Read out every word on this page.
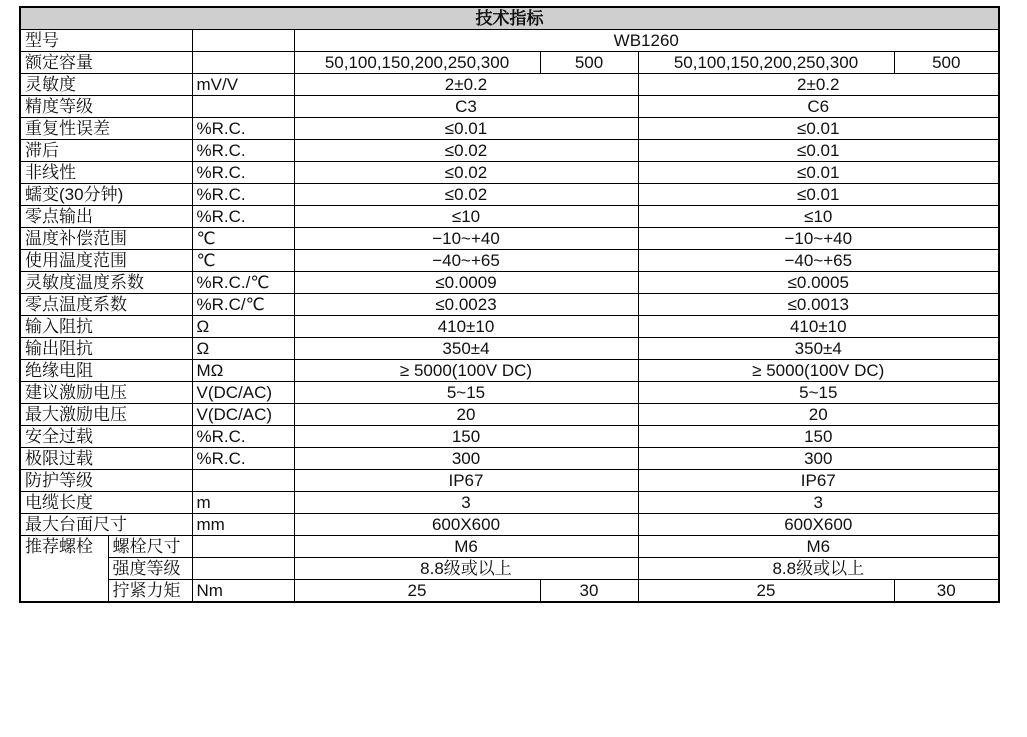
技术指标						
型号			WB1260			
额定容量			50,100,150,200,250,300	500	50,100,150,200,250,300	500
灵敏度		mV/V	2±0.2		2±0.2	
精度等级			C3		C6	
重复性误差		%R.C.	≤0.01		≤0.01	
滞后		%R.C.	≤0.02		≤0.01	
非线性		%R.C.	≤0.02		≤0.01	
蠕变(30分钟)		%R.C.	≤0.02		≤0.01	
零点输出		%R.C.	≤10		≤10	
温度补偿范围		℃	−10~+40		−10~+40	
使用温度范围		℃	−40~+65		−40~+65	
灵敏度温度系数		%R.C./℃	≤0.0009		≤0.0005	
零点温度系数		%R.C/℃	≤0.0023		≤0.0013	
输入阻抗		Ω	410±10		410±10	
输出阻抗		Ω	350±4		350±4	
绝缘电阻		MΩ	≥ 5000(100V DC)		≥ 5000(100V DC)	
建议激励电压		V(DC/AC)	5~15		5~15	
最大激励电压		V(DC/AC)	20		20	
安全过载		%R.C.	150		150	
极限过载		%R.C.	300		300	
防护等级			IP67		IP67	
电缆长度		m	3		3	
最大台面尺寸		mm	600X600		600X600	
推荐螺栓	螺栓尺寸		M6		M6	
	强度等级		8.8级或以上		8.8级或以上	
	拧紧力矩	Nm	25	30	25	30
